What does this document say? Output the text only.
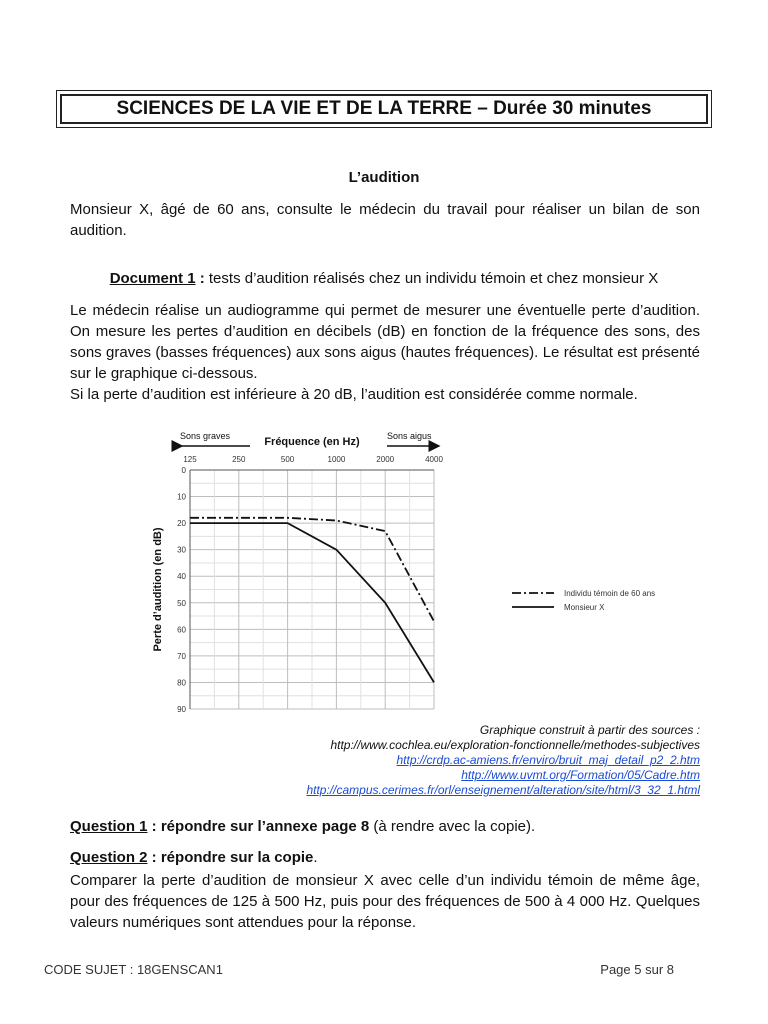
SCIENCES DE LA VIE ET DE LA TERRE – Durée 30 minutes
L’audition

Monsieur X, âgé de 60 ans, consulte le médecin du travail pour réaliser un bilan de son audition.

Document 1 : tests d’audition réalisés chez un individu témoin et chez monsieur X

Le médecin réalise un audiogramme qui permet de mesurer une éventuelle perte d’audition. On mesure les pertes d’audition en décibels (dB) en fonction de la fréquence des sons, des sons graves (basses fréquences) aux sons aigus (hautes fréquences). Le résultat est présenté sur le graphique ci-dessous.

Si la perte d’audition est inférieure à 20 dB, l’audition est considérée comme normale.

125	250	500	1000	2000	4000
0
10
20
30
40
50
60
70
80
90
Fréquence (en Hz)
Perte d’audition (en dB)
Sons graves	Sons aigus
Individu témoin de 60 ans
Monsieur X
Graphique construit à partir des sources :
http://www.cochlea.eu/exploration-fonctionnelle/methodes-subjectives
http://crdp.ac-amiens.fr/enviro/bruit_maj_detail_p2_2.htm
http://www.uvmt.org/Formation/05/Cadre.htm
http://campus.cerimes.fr/orl/enseignement/alteration/site/html/3_32_1.html
Question 1 : répondre sur l’annexe page 8 (à rendre avec la copie).
Question 2 : répondre sur la copie.

Comparer la perte d’audition de monsieur X avec celle d’un individu témoin de même âge, pour des fréquences de 125 à 500 Hz, puis pour des fréquences de 500 à 4 000 Hz. Quelques valeurs numériques sont attendues pour la réponse.

CODE SUJET : 18GENSCAN1	Page 5 sur 8
